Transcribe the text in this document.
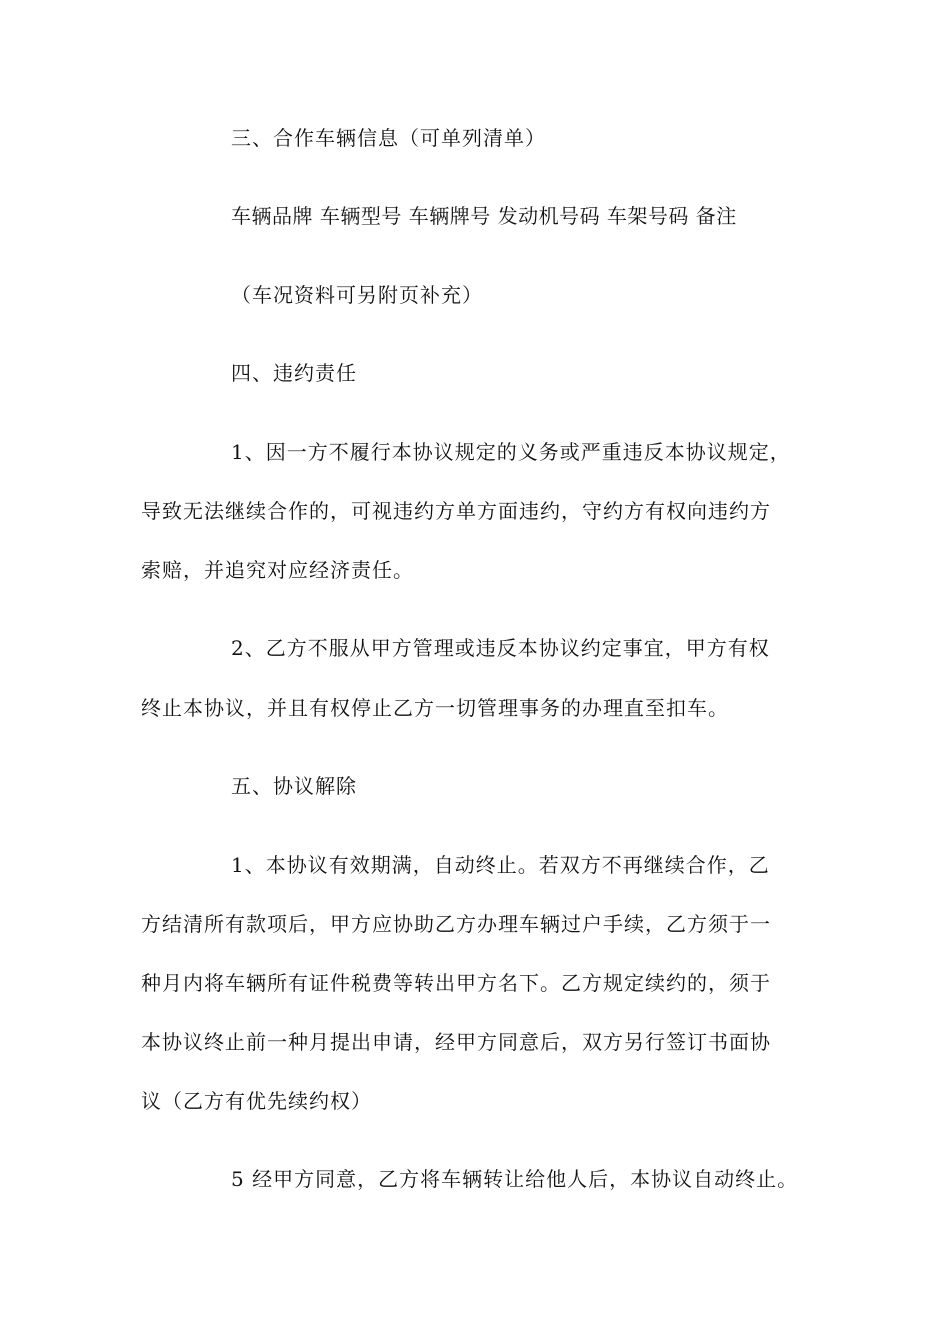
三、合作车辆信息（可单列清单）
车辆品牌 车辆型号 车辆牌号 发动机号码 车架号码 备注
（车况资料可另附页补充）
四、违约责任
1、因一方不履行本协议规定的义务或严重违反本协议规定，
导致无法继续合作的，可视违约方单方面违约，守约方有权向违约方
索赔，并追究对应经济责任。
2、乙方不服从甲方管理或违反本协议约定事宜，甲方有权
终止本协议，并且有权停止乙方一切管理事务的办理直至扣车。
五、协议解除
1、本协议有效期满，自动终止。若双方不再继续合作，乙
方结清所有款项后，甲方应协助乙方办理车辆过户手续，乙方须于一
种月内将车辆所有证件税费等转出甲方名下。乙方规定续约的，须于
本协议终止前一种月提出申请，经甲方同意后，双方另行签订书面协
议（乙方有优先续约权）
5 经甲方同意，乙方将车辆转让给他人后，本协议自动终止。
